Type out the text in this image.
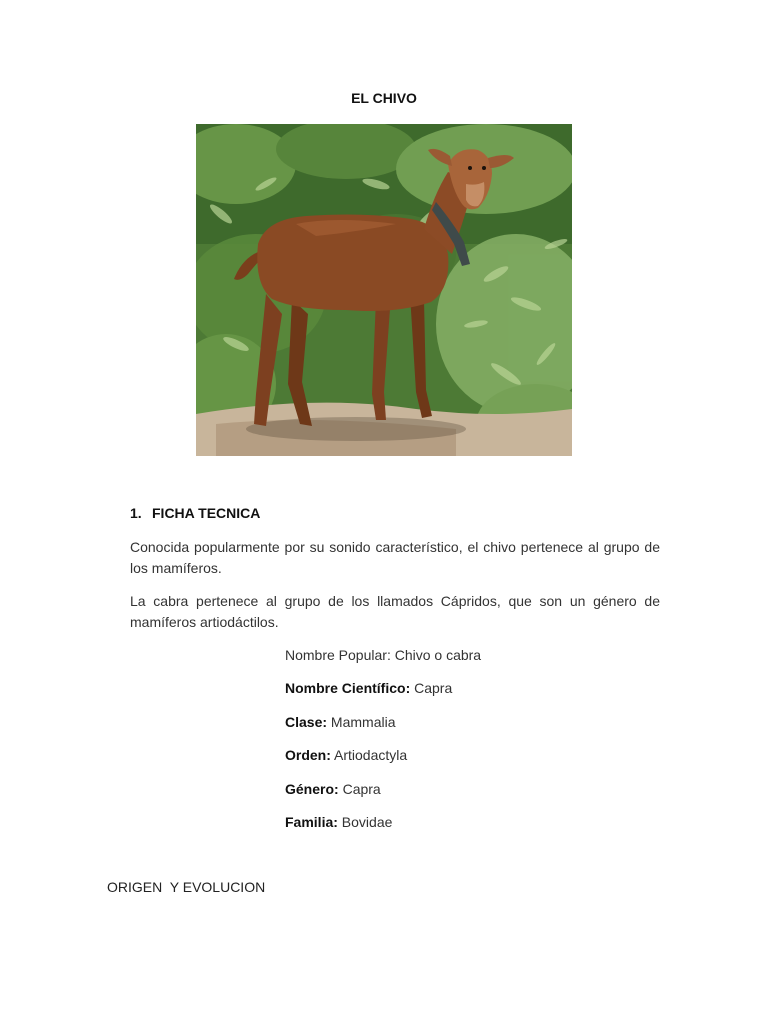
EL CHIVO
1. FICHA TECNICA
Conocida popularmente por su sonido característico, el chivo pertenece al grupo de los mamíferos.
La cabra pertenece al grupo de los llamados Cápridos, que son un género de mamíferos artiodáctilos.
Nombre Popular: Chivo o cabra
Nombre Científico: Capra
Clase: Mammalia
Orden: Artiodactyla
Género: Capra
Familia: Bovidae
ORIGEN  Y EVOLUCION
